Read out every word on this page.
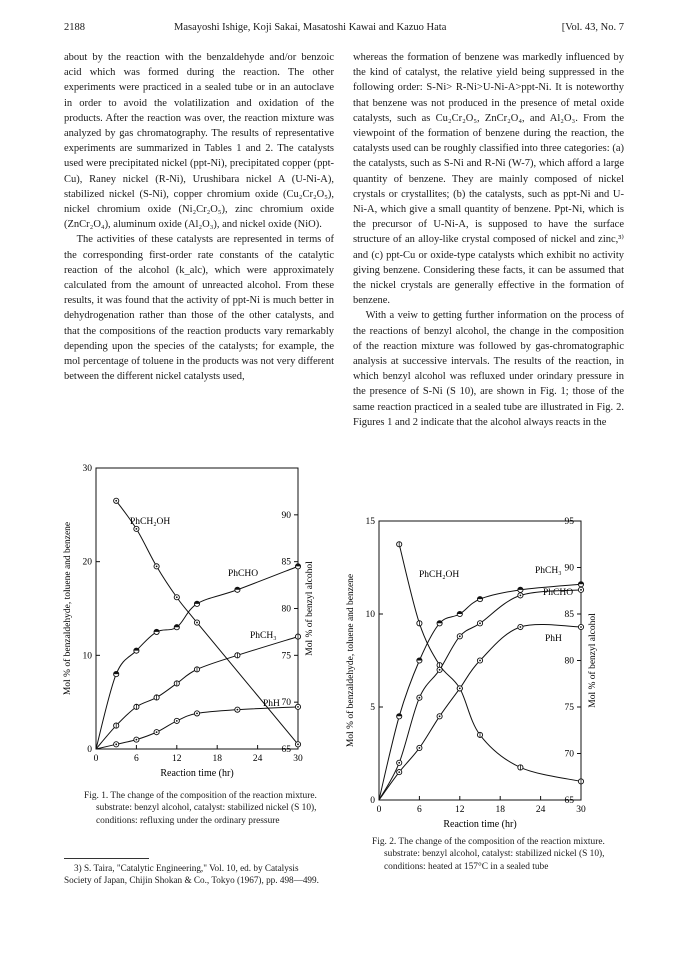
2188	Masayoshi Ishige, Koji Sakai, Masatoshi Kawai and Kazuo Hata	[Vol. 43, No. 7

about by the reaction with the benzaldehyde and/or benzoic acid which was formed during the reaction. The other experiments were practiced in a sealed tube or in an autoclave in order to avoid the volatilization and oxidation of the products. After the reaction was over, the reaction mixture was analyzed by gas chromatography. The results of representative experiments are summarized in Tables 1 and 2. The catalysts used were precipitated nickel (ppt-Ni), precipitated copper (ppt-Cu), Raney nickel (R-Ni), Urushibara nickel A (U-Ni-A), stabilized nickel (S-Ni), copper chromium oxide (Cu₂Cr₂O₅), nickel chromium oxide (Ni₂Cr₂O₅), zinc chromium oxide (ZnCr₂O₄), aluminum oxide (Al₂O₃), and nickel oxide (NiO).

The activities of these catalysts are represented in terms of the corresponding first-order rate constants of the catalytic reaction of the alcohol (k_alc), which were approximately calculated from the amount of unreacted alcohol. From these results, it was found that the activity of ppt-Ni is much better in dehydrogenation rather than those of the other catalysts, and that the compositions of the reaction products vary remarkably depending upon the species of the catalysts; for example, the mol percentage of toluene in the products was not very different between the different nickel catalysts used,

whereas the formation of benzene was markedly influenced by the kind of catalyst, the relative yield being suppressed in the following order: S-Ni> R-Ni>U-Ni-A>ppt-Ni. It is noteworthy that benzene was not produced in the presence of metal oxide catalysts, such as Cu₂Cr₂O₅, ZnCr₂O₄, and Al₂O₃. From the viewpoint of the formation of benzene during the reaction, the catalysts used can be roughly classified into three categories: (a) the catalysts, such as S-Ni and R-Ni (W-7), which afford a large quantity of benzene. They are mainly composed of nickel crystals or crystallites; (b) the catalysts, such as ppt-Ni and U-Ni-A, which give a small quantity of benzene. Ppt-Ni, which is the precursor of U-Ni-A, is supposed to have the surface structure of an alloy-like crystal composed of nickel and zinc,³⁾ and (c) ppt-Cu or oxide-type catalysts which exhibit no activity giving benzene. Considering these facts, it can be assumed that the nickel crystals are generally effective in the formation of benzene.

With a veiw to getting further information on the process of the reactions of benzyl alcohol, the change in the composition of the reaction mixture was followed by gas-chromatographic analysis at successive intervals. The results of the reaction, in which benzyl alcohol was refluxed under orindary pressure in the presence of S-Ni (S 10), are shown in Fig. 1; those of the same reaction practiced in a sealed tube are illustrated in Fig. 2. Figures 1 and 2 indicate that the alcohol always reacts in the

0	6	12	18	24	30
0
10
20
30
65
70
75
80
85
90
Reaction time (hr)
Mol % of benzaldehyde, toluene and benzene	Mol % of benzyl alcohol
PhCH₂OH
PhCHO
PhCH₃
PhH
Fig. 1. The change of the composition of the reaction mixture.
substrate: benzyl alcohol, catalyst: stabilized nickel (S 10), conditions: refluxing under the ordinary pressure
0	6	12	18	24	30
0
5
10
15
65
70
75
80
85
90
95
Reaction time (hr)
Mol % of benzaldehyde, toluene and benzene	Mol % of benzyl alcohol
PhCH₂OH	PhCH₃
PhCHO
PhH
Fig. 2. The change of the composition of the reaction mixture.
substrate: benzyl alcohol, catalyst: stabilized nickel (S 10), conditions: heated at 157°C in a sealed tube
3) S. Taira, "Catalytic Engineering," Vol. 10, ed. by Catalysis Society of Japan, Chijin Shokan & Co., Tokyo (1967), pp. 498—499.
